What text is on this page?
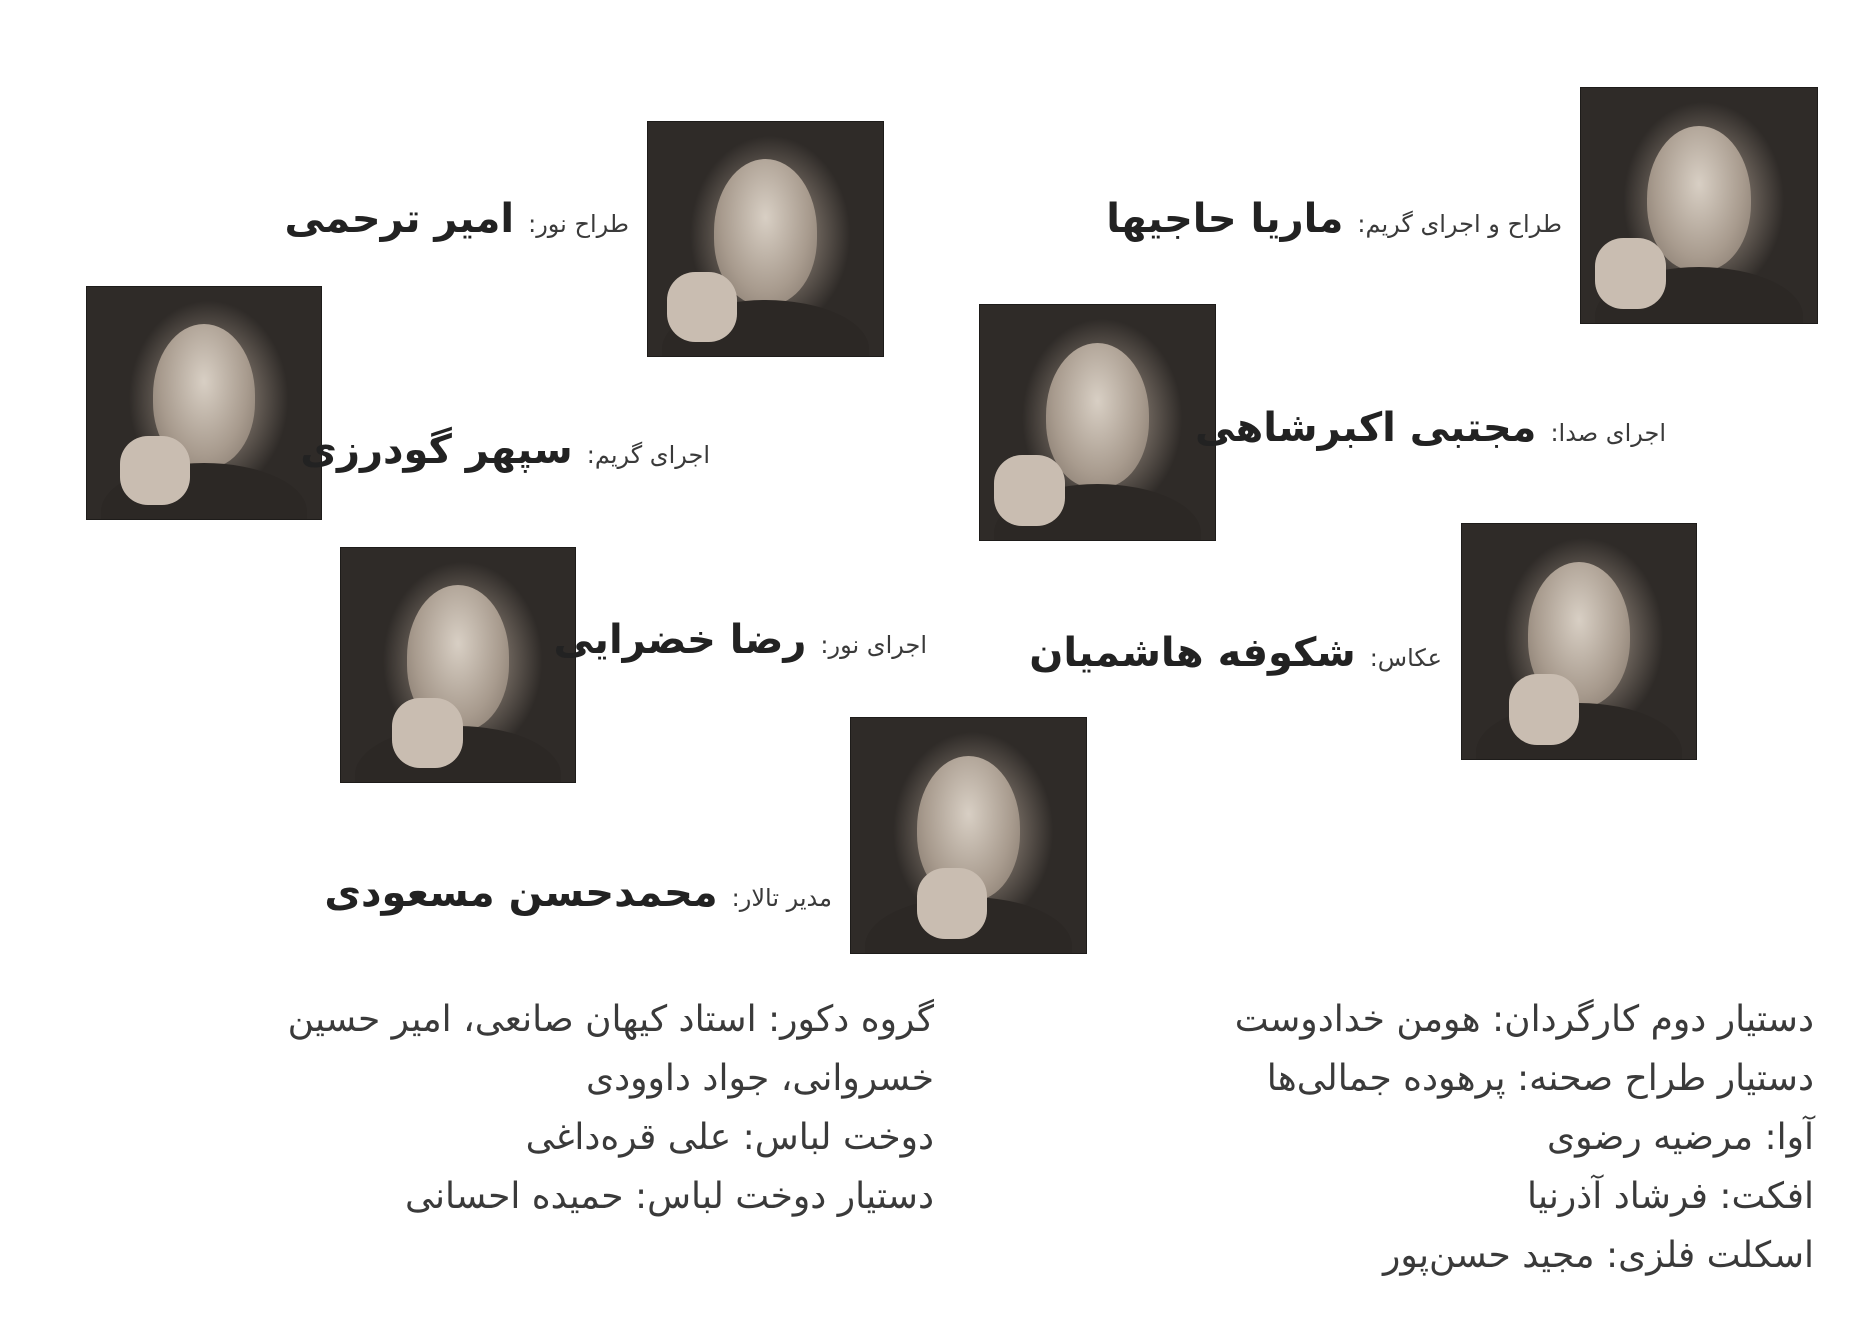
طراح و اجرای گریم:
ماریا حاجیها
طراح نور:
امیر ترحمی
اجرای صدا:
مجتبی اکبرشاهی
اجرای گریم:
سپهر گودرزی
عکاس:
شکوفه هاشمیان
اجرای نور:
رضا خضرایی
مدیر تالار:
محمدحسن مسعودی
دستیار دوم کارگردان: هومن خدادوست
دستیار طراح صحنه: پرهوده جمالی‌ها
آوا: مرضیه رضوی
افکت: فرشاد آذرنیا
اسکلت فلزی: مجید حسن‌پور
گروه دکور: استاد کیهان صانعی، امیر حسین
خسروانی، جواد داوودی
دوخت لباس: علی قره‌داغی
دستیار دوخت لباس: حمیده احسانی
